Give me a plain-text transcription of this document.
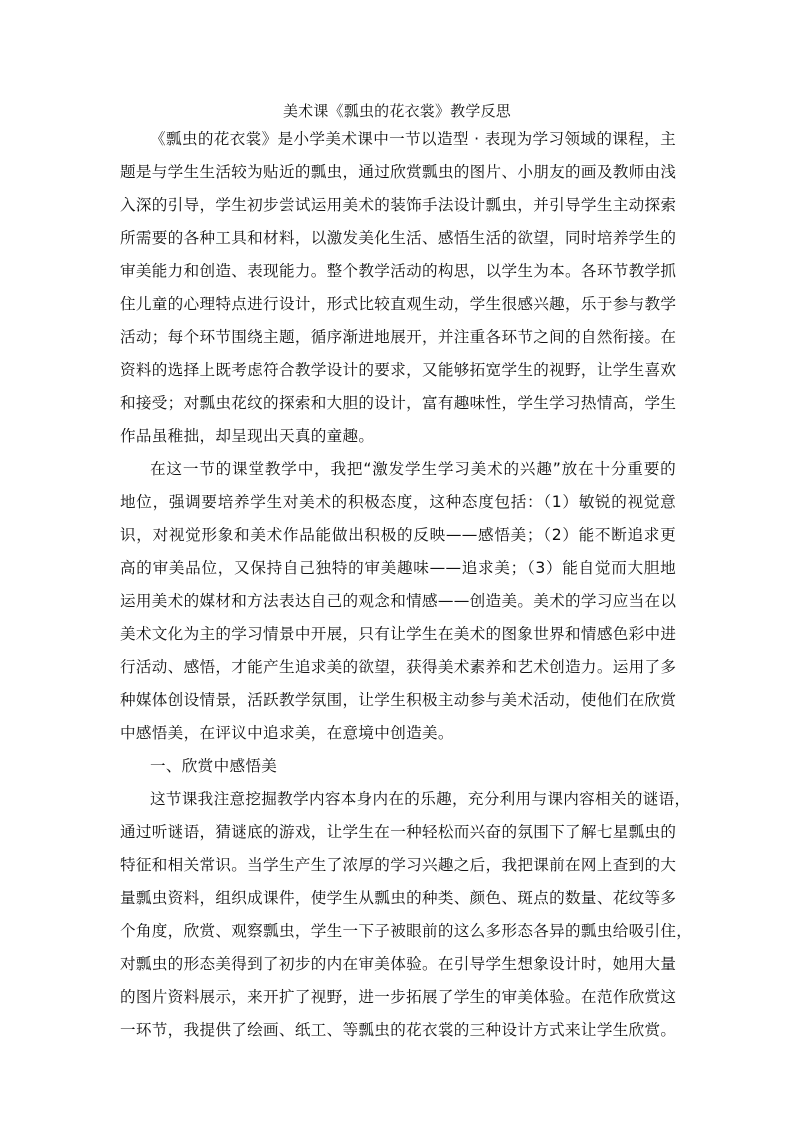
美术课《瓢虫的花衣裳》教学反思
《瓢虫的花衣裳》是小学美术课中一节以造型 · 表现为学习领域的课程，主
题是与学生生活较为贴近的瓢虫，通过欣赏瓢虫的图片、小朋友的画及教师由浅
入深的引导，学生初步尝试运用美术的装饰手法设计瓢虫，并引导学生主动探索
所需要的各种工具和材料，以激发美化生活、感悟生活的欲望，同时培养学生的
审美能力和创造、表现能力。整个教学活动的构思，以学生为本。各环节教学抓
住儿童的心理特点进行设计，形式比较直观生动，学生很感兴趣，乐于参与教学
活动；每个环节围绕主题，循序渐进地展开，并注重各环节之间的自然衔接。在
资料的选择上既考虑符合教学设计的要求，又能够拓宽学生的视野，让学生喜欢
和接受；对瓢虫花纹的探索和大胆的设计，富有趣味性，学生学习热情高，学生
作品虽稚拙，却呈现出天真的童趣。
在这一节的课堂教学中，我把“激发学生学习美术的兴趣”放在十分重要的
地位，强调要培养学生对美术的积极态度，这种态度包括：（1）敏锐的视觉意
识，对视觉形象和美术作品能做出积极的反映——感悟美；（2）能不断追求更
高的审美品位，又保持自己独特的审美趣味——追求美；（3）能自觉而大胆地
运用美术的媒材和方法表达自己的观念和情感——创造美。美术的学习应当在以
美术文化为主的学习情景中开展，只有让学生在美术的图象世界和情感色彩中进
行活动、感悟，才能产生追求美的欲望，获得美术素养和艺术创造力。运用了多
种媒体创设情景，活跃教学氛围，让学生积极主动参与美术活动，使他们在欣赏
中感悟美，在评议中追求美，在意境中创造美。
一、欣赏中感悟美
这节课我注意挖掘教学内容本身内在的乐趣，充分利用与课内容相关的谜语，
通过听谜语，猜谜底的游戏，让学生在一种轻松而兴奋的氛围下了解七星瓢虫的
特征和相关常识。当学生产生了浓厚的学习兴趣之后，我把课前在网上查到的大
量瓢虫资料，组织成课件，使学生从瓢虫的种类、颜色、斑点的数量、花纹等多
个角度，欣赏、观察瓢虫，学生一下子被眼前的这么多形态各异的瓢虫给吸引住，
对瓢虫的形态美得到了初步的内在审美体验。在引导学生想象设计时，她用大量
的图片资料展示，来开扩了视野，进一步拓展了学生的审美体验。在范作欣赏这
一环节，我提供了绘画、纸工、等瓢虫的花衣裳的三种设计方式来让学生欣赏。
